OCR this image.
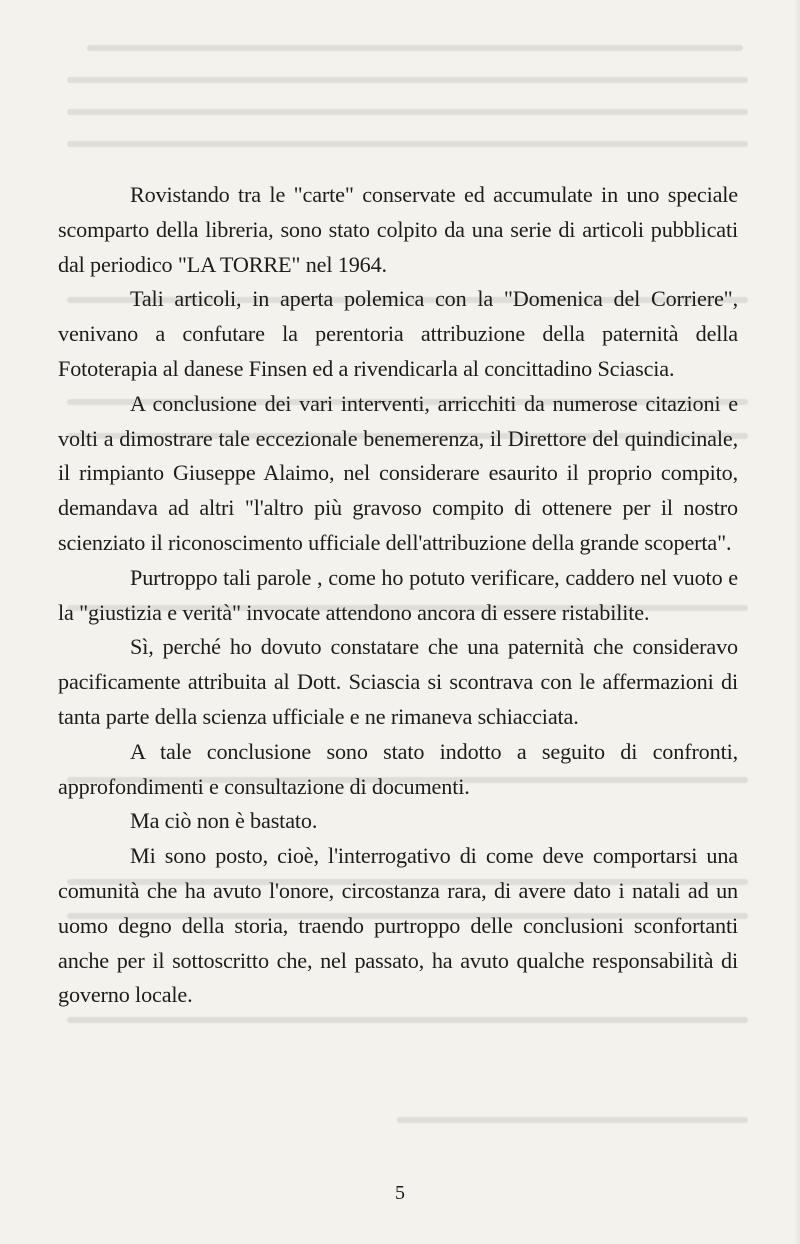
Rovistando tra le "carte" conservate ed accumulate in uno speciale scomparto della libreria, sono stato colpito da una serie di articoli pubblicati dal periodico "LA TORRE" nel 1964.

Tali articoli, in aperta polemica con la "Domenica del Corriere", venivano a confutare la perentoria attribuzione della paternità della Fototerapia al danese Finsen ed a rivendicarla al concittadino Sciascia.

A conclusione dei vari interventi, arricchiti da numerose citazioni e volti a dimostrare tale eccezionale benemerenza, il Direttore del quindicinale, il rimpianto Giuseppe Alaimo, nel considerare esaurito il proprio compito, demandava ad altri "l'altro più gravoso compito di ottenere per il nostro scienziato il riconoscimento ufficiale dell'attribuzione della grande scoperta".

Purtroppo tali parole , come ho potuto verificare, caddero nel vuoto e la "giustizia e verità" invocate attendono ancora di essere ristabilite.

Sì, perché ho dovuto constatare che una paternità che consideravo pacificamente attribuita al Dott. Sciascia si scontrava con le affermazioni di tanta parte della scienza ufficiale e ne rimaneva schiacciata.

A tale conclusione sono stato indotto a seguito di confronti, approfondimenti e consultazione di documenti.

Ma ciò non è bastato.

Mi sono posto, cioè, l'interrogativo di come deve comportarsi una comunità che ha avuto l'onore, circostanza rara, di avere dato i natali ad un uomo degno della storia, traendo purtroppo delle conclusioni sconfortanti anche per il sottoscritto che, nel passato, ha avuto qualche responsabilità di governo locale.

5
